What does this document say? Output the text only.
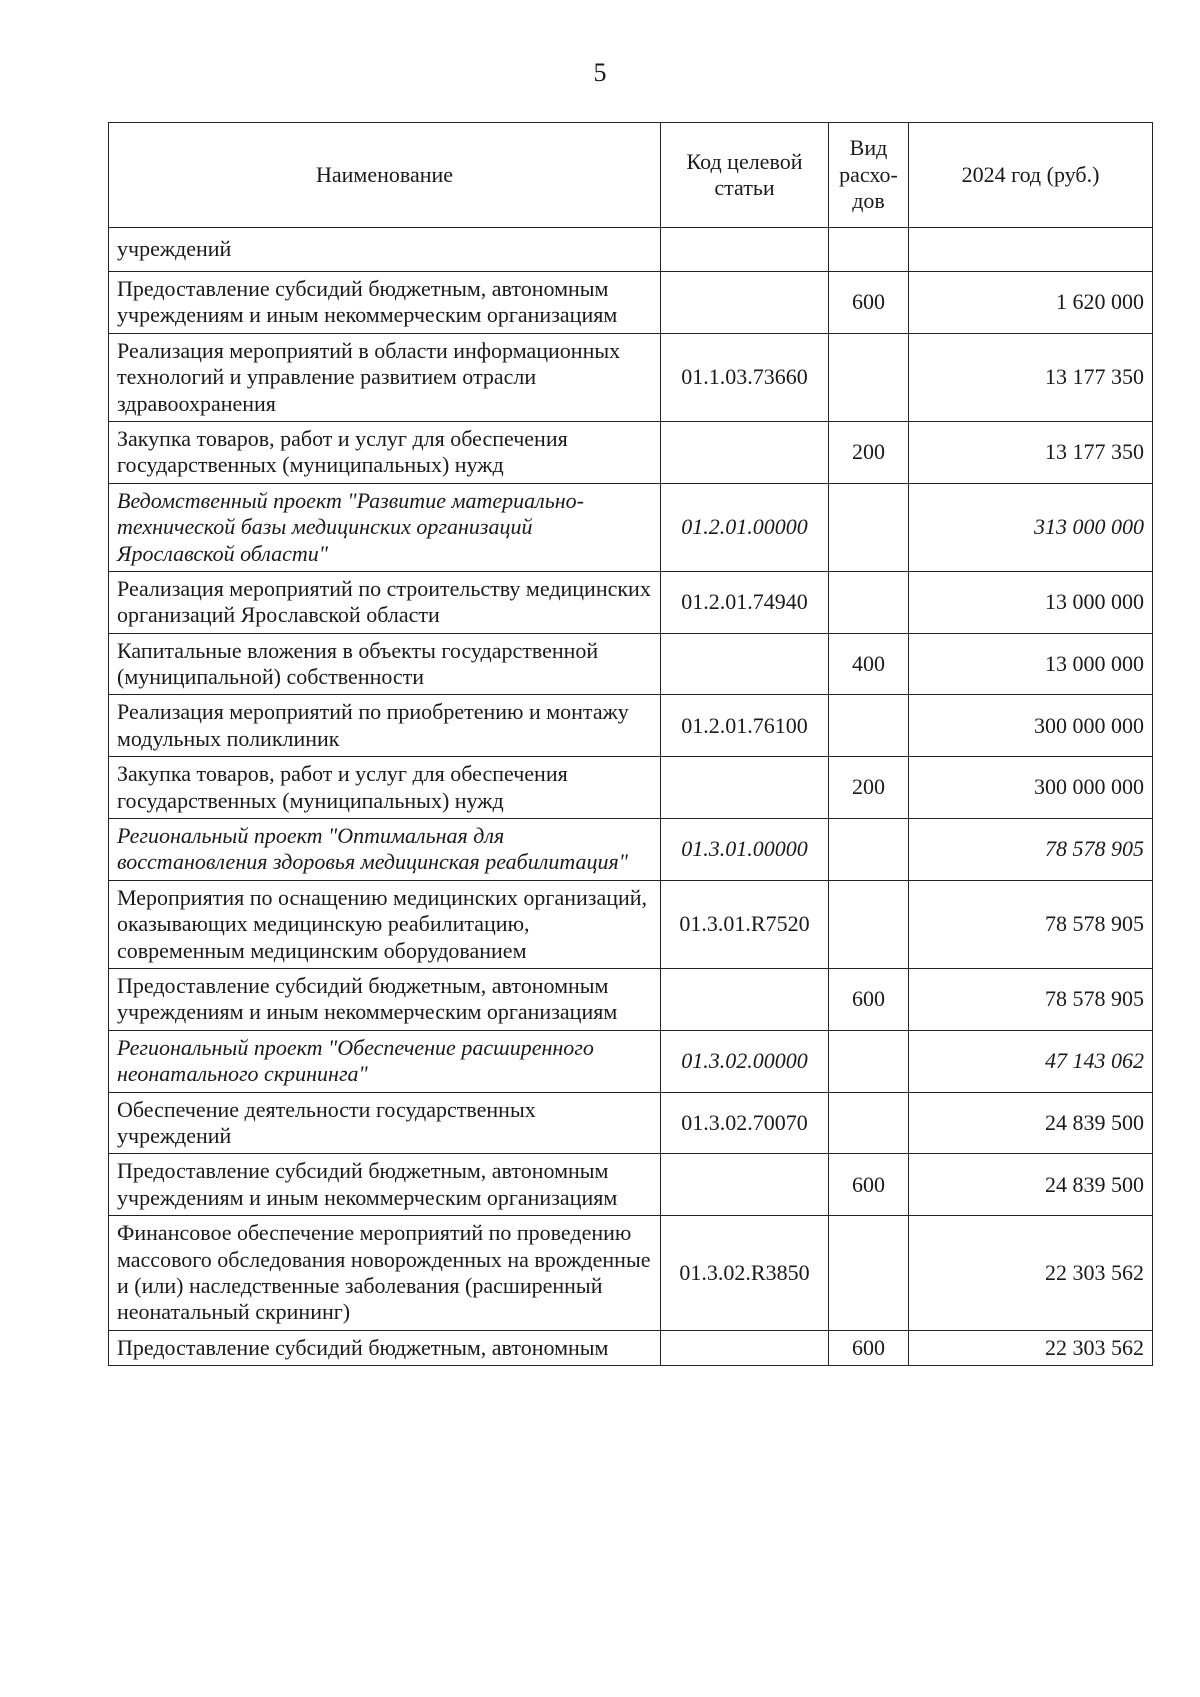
5
Наименование	Код целевой статьи	Вид расхо-дов	2024 год (руб.)
учреждений			
Предоставление субсидий бюджетным, автономным учреждениям и иным некоммерческим организациям		600	1 620 000
Реализация мероприятий в области информационных технологий и управление развитием отрасли здравоохранения	01.1.03.73660		13 177 350
Закупка товаров, работ и услуг для обеспечения государственных (муниципальных) нужд		200	13 177 350
Ведомственный проект "Развитие материально-технической базы медицинских организаций Ярославской области"	01.2.01.00000		313 000 000
Реализация мероприятий по строительству медицинских организаций Ярославской области	01.2.01.74940		13 000 000
Капитальные вложения в объекты государственной (муниципальной) собственности		400	13 000 000
Реализация мероприятий по приобретению и монтажу модульных поликлиник	01.2.01.76100		300 000 000
Закупка товаров, работ и услуг для обеспечения государственных (муниципальных) нужд		200	300 000 000
Региональный проект "Оптимальная для восстановления здоровья медицинская реабилитация"	01.3.01.00000		78 578 905
Мероприятия по оснащению медицинских организаций, оказывающих медицинскую реабилитацию, современным медицинским оборудованием	01.3.01.R7520		78 578 905
Предоставление субсидий бюджетным, автономным учреждениям и иным некоммерческим организациям		600	78 578 905
Региональный проект "Обеспечение расширенного неонатального скрининга"	01.3.02.00000		47 143 062
Обеспечение деятельности государственных учреждений	01.3.02.70070		24 839 500
Предоставление субсидий бюджетным, автономным учреждениям и иным некоммерческим организациям		600	24 839 500
Финансовое обеспечение мероприятий по проведению массового обследования новорожденных на врожденные и (или) наследственные заболевания (расширенный неонатальный скрининг)	01.3.02.R3850		22 303 562
Предоставление субсидий бюджетным, автономным		600	22 303 562
